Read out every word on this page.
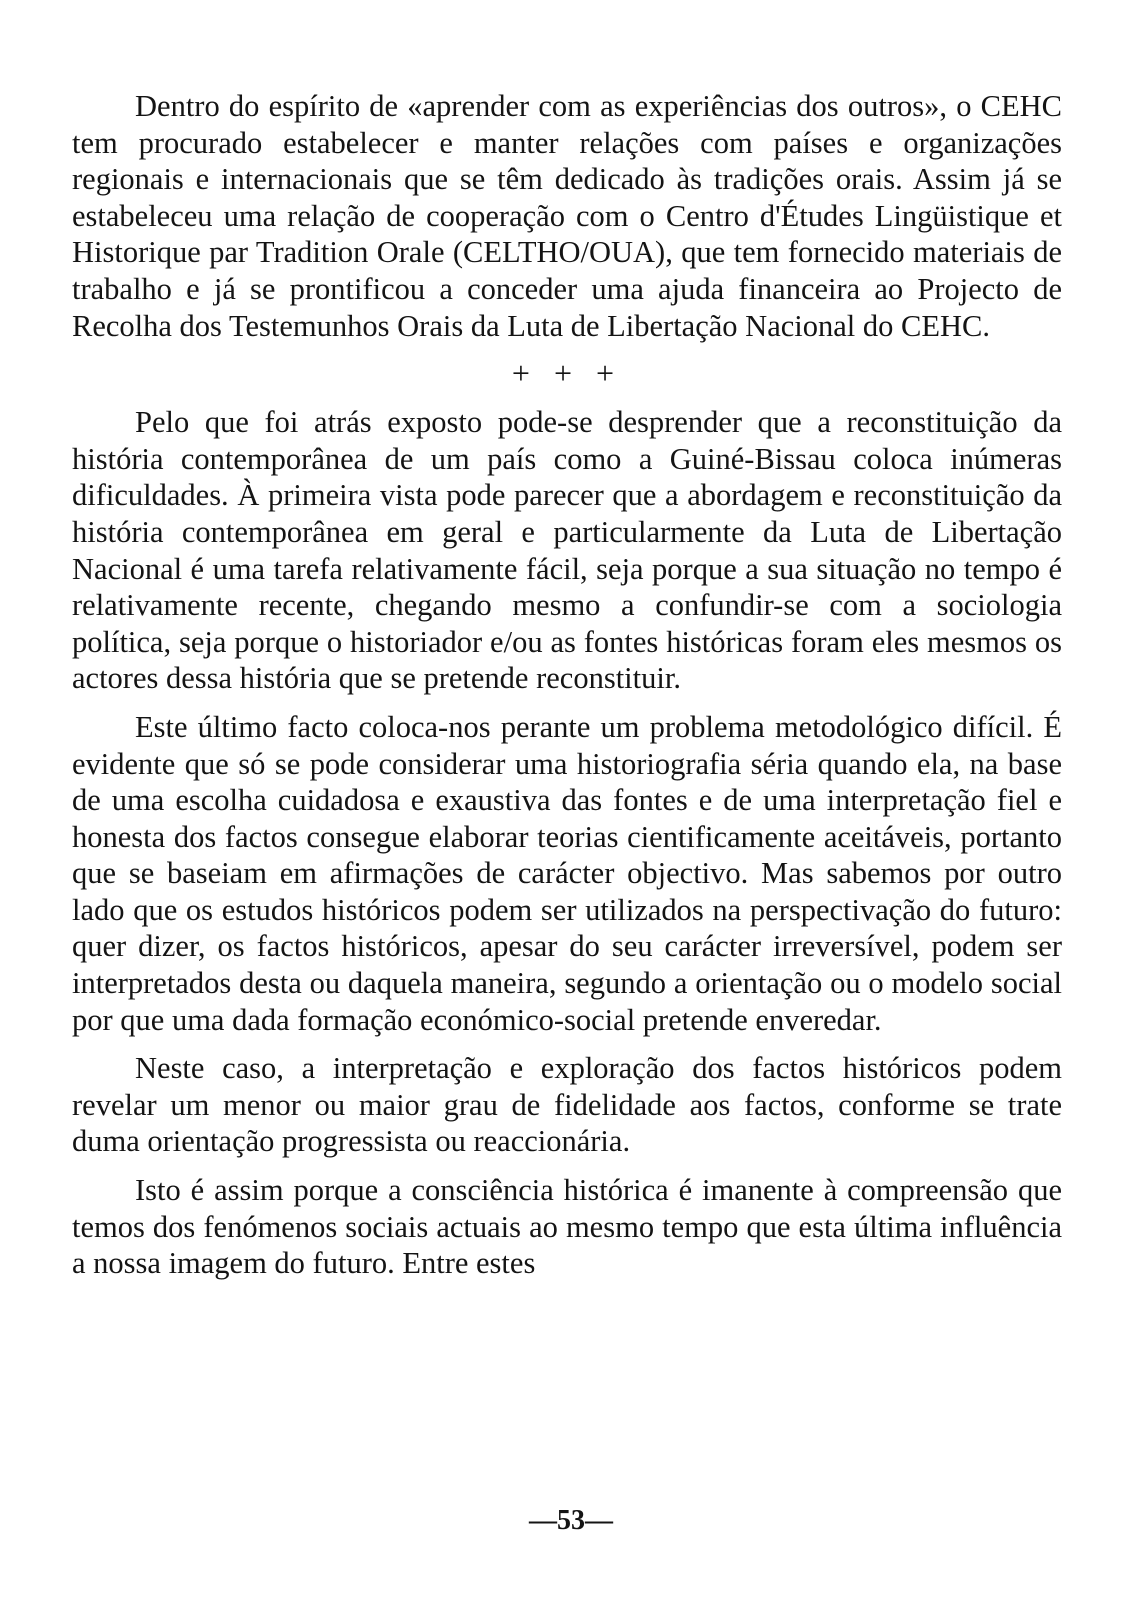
Dentro do espírito de «aprender com as experiências dos outros», o CEHC tem procurado estabelecer e manter relações com países e organizações regionais e internacionais que se têm dedicado às tradições orais. Assim já se estabeleceu uma relação de cooperação com o Centro d'Études Lingüistique et Historique par Tradition Orale (CELTHO/OUA), que tem fornecido materiais de trabalho e já se prontificou a conceder uma ajuda financeira ao Projecto de Recolha dos Testemunhos Orais da Luta de Libertação Nacional do CEHC.

+ + +

Pelo que foi atrás exposto pode-se desprender que a reconstituição da história contemporânea de um país como a Guiné-Bissau coloca inúmeras dificuldades. À primeira vista pode parecer que a abordagem e reconstituição da história contemporânea em geral e particularmente da Luta de Libertação Nacional é uma tarefa relativamente fácil, seja porque a sua situação no tempo é relativamente recente, chegando mesmo a confundir-se com a sociologia política, seja porque o historiador e/ou as fontes históricas foram eles mesmos os actores dessa história que se pretende reconstituir.

Este último facto coloca-nos perante um problema metodológico difícil. É evidente que só se pode considerar uma historiografia séria quando ela, na base de uma escolha cuidadosa e exaustiva das fontes e de uma interpretação fiel e honesta dos factos consegue elaborar teorias cientificamente aceitáveis, portanto que se baseiam em afirmações de carácter objectivo. Mas sabemos por outro lado que os estudos históricos podem ser utilizados na perspectivação do futuro: quer dizer, os factos históricos, apesar do seu carácter irreversível, podem ser interpretados desta ou daquela maneira, segundo a orientação ou o modelo social por que uma dada formação económico-social pretende enveredar.

Neste caso, a interpretação e exploração dos factos históricos podem revelar um menor ou maior grau de fidelidade aos factos, conforme se trate duma orientação progressista ou reaccionária.

Isto é assim porque a consciência histórica é imanente à compreensão que temos dos fenómenos sociais actuais ao mesmo tempo que esta última influência a nossa imagem do futuro. Entre estes

—53—
